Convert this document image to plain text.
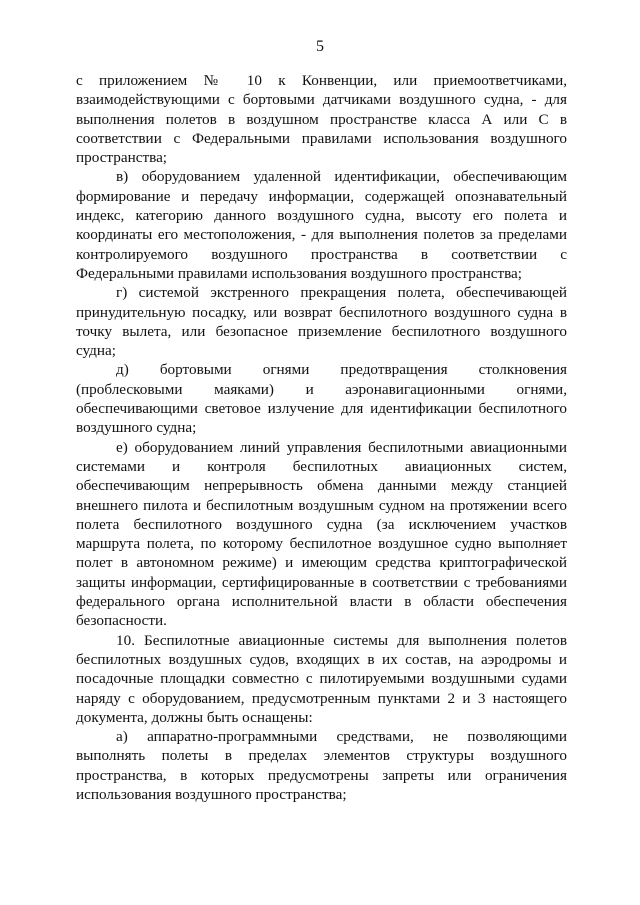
5

с приложением № 10 к Конвенции, или приемоответчиками, взаимодействующими с бортовыми датчиками воздушного судна, - для выполнения полетов в воздушном пространстве класса А или С в соответствии с Федеральными правилами использования воздушного пространства;

в) оборудованием удаленной идентификации, обеспечивающим формирование и передачу информации, содержащей опознавательный индекс, категорию данного воздушного судна, высоту его полета и координаты его местоположения, - для выполнения полетов за пределами контролируемого воздушного пространства в соответствии с Федеральными правилами использования воздушного пространства;

г) системой экстренного прекращения полета, обеспечивающей принудительную посадку, или возврат беспилотного воздушного судна в точку вылета, или безопасное приземление беспилотного воздушного судна;

д) бортовыми огнями предотвращения столкновения (проблесковыми маяками) и аэронавигационными огнями, обеспечивающими световое излучение для идентификации беспилотного воздушного судна;

е) оборудованием линий управления беспилотными авиационными системами и контроля беспилотных авиационных систем, обеспечивающим непрерывность обмена данными между станцией внешнего пилота и беспилотным воздушным судном на протяжении всего полета беспилотного воздушного судна (за исключением участков маршрута полета, по которому беспилотное воздушное судно выполняет полет в автономном режиме) и имеющим средства криптографической защиты информации, сертифицированные в соответствии с требованиями федерального органа исполнительной власти в области обеспечения безопасности.

10. Беспилотные авиационные системы для выполнения полетов беспилотных воздушных судов, входящих в их состав, на аэродромы и посадочные площадки совместно с пилотируемыми воздушными судами наряду с оборудованием, предусмотренным пунктами 2 и 3 настоящего документа, должны быть оснащены:

а) аппаратно-программными средствами, не позволяющими выполнять полеты в пределах элементов структуры воздушного пространства, в которых предусмотрены запреты или ограничения использования воздушного пространства;
